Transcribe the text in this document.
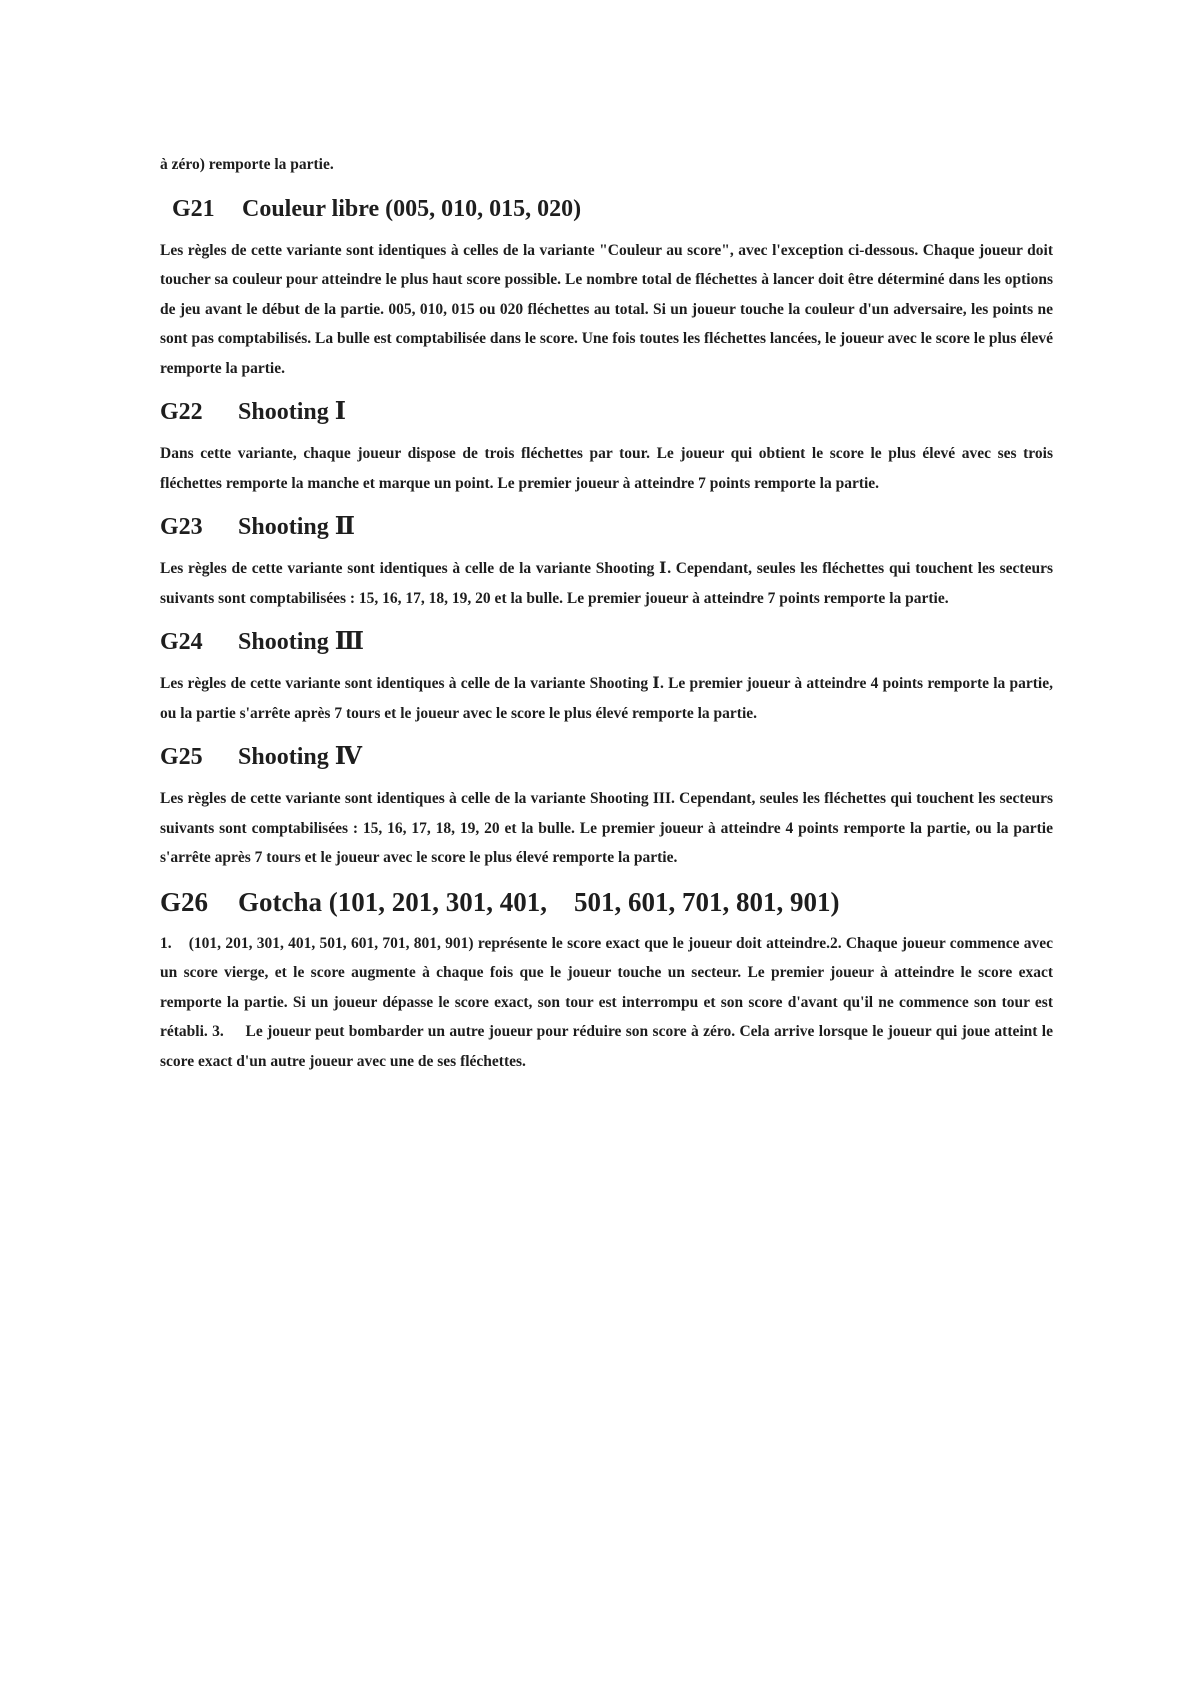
à zéro) remporte la partie.

G21	Couleur libre (005, 010, 015, 020)

Les règles de cette variante sont identiques à celles de la variante "Couleur au score", avec l'exception ci-dessous. Chaque joueur doit toucher sa couleur pour atteindre le plus haut score possible. Le nombre total de fléchettes à lancer doit être déterminé dans les options de jeu avant le début de la partie. 005, 010, 015 ou 020 fléchettes au total. Si un joueur touche la couleur d'un adversaire, les points ne sont pas comptabilisés. La bulle est comptabilisée dans le score. Une fois toutes les fléchettes lancées, le joueur avec le score le plus élevé remporte la partie.

G22	Shooting Ⅰ

Dans cette variante, chaque joueur dispose de trois fléchettes par tour. Le joueur qui obtient le score le plus élevé avec ses trois fléchettes remporte la manche et marque un point. Le premier joueur à atteindre 7 points remporte la partie.

G23	Shooting Ⅱ

Les règles de cette variante sont identiques à celle de la variante Shooting Ⅰ. Cependant, seules les fléchettes qui touchent les secteurs suivants sont comptabilisées : 15, 16, 17, 18, 19, 20 et la bulle. Le premier joueur à atteindre 7 points remporte la partie.

G24	Shooting Ⅲ

Les règles de cette variante sont identiques à celle de la variante Shooting Ⅰ. Le premier joueur à atteindre 4 points remporte la partie, ou la partie s'arrête après 7 tours et le joueur avec le score le plus élevé remporte la partie.

G25	Shooting Ⅳ

Les règles de cette variante sont identiques à celle de la variante Shooting III. Cependant, seules les fléchettes qui touchent les secteurs suivants sont comptabilisées : 15, 16, 17, 18, 19, 20 et la bulle. Le premier joueur à atteindre 4 points remporte la partie, ou la partie s'arrête après 7 tours et le joueur avec le score le plus élevé remporte la partie.

G26	Gotcha (101, 201, 301, 401,    501, 601, 701, 801, 901)

1.    (101, 201, 301, 401, 501, 601, 701, 801, 901) représente le score exact que le joueur doit atteindre.2. Chaque joueur commence avec un score vierge, et le score augmente à chaque fois que le joueur touche un secteur. Le premier joueur à atteindre le score exact remporte la partie. Si un joueur dépasse le score exact, son tour est interrompu et son score d'avant qu'il ne commence son tour est rétabli. 3.     Le joueur peut bombarder un autre joueur pour réduire son score à zéro. Cela arrive lorsque le joueur qui joue atteint le score exact d'un autre joueur avec une de ses fléchettes.
